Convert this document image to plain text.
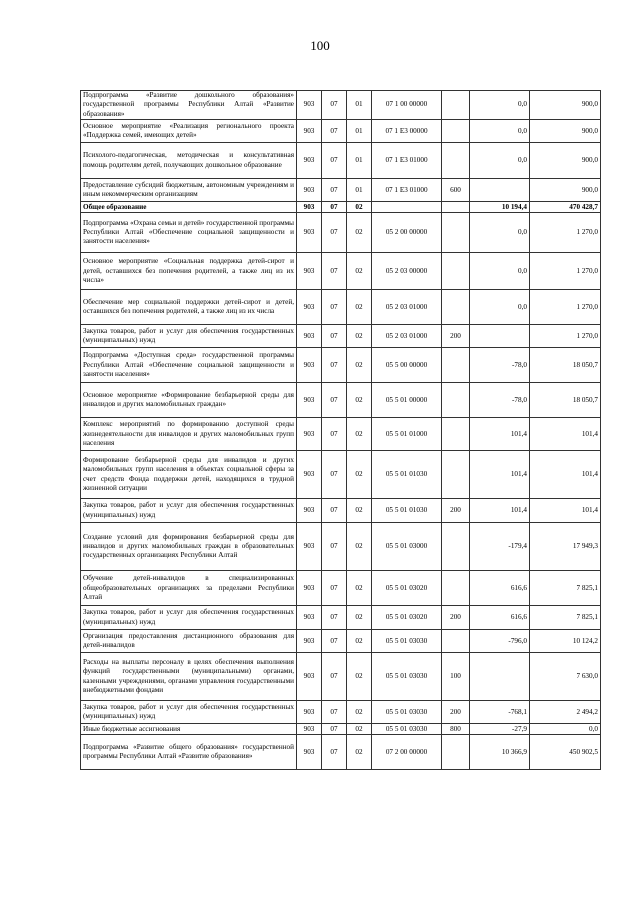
100
Подпрограмма «Развитие дошкольного образования» государственной программы Республики Алтай «Развитие образования»	903	07	01	07 1 00 00000		0,0	900,0
Основное мероприятие «Реализация регионального проекта «Поддержка семей, имеющих детей»	903	07	01	07 1 Е3 00000		0,0	900,0
Психолого-педагогическая, методическая и консультативная помощь родителям детей, получающих дошкольное образование	903	07	01	07 1 Е3 01000		0,0	900,0
Предоставление субсидий бюджетным, автономным учреждениям и иным некоммерческим организациям	903	07	01	07 1 Е3 01000	600		900,0
Общее образование	903	07	02			10 194,4	470 428,7
Подпрограмма «Охрана семьи и детей» государственной программы Республики Алтай «Обеспечение социальной защищенности и занятости населения»	903	07	02	05 2 00 00000		0,0	1 270,0
Основное мероприятие «Социальная поддержка детей-сирот и детей, оставшихся без попечения родителей, а также лиц из их числа»	903	07	02	05 2 03 00000		0,0	1 270,0
Обеспечение мер социальной поддержки детей-сирот и детей, оставшихся без попечения родителей, а также лиц из их числа	903	07	02	05 2 03 01000		0,0	1 270,0
Закупка товаров, работ и услуг для обеспечения государственных (муниципальных) нужд	903	07	02	05 2 03 01000	200		1 270,0
Подпрограмма «Доступная среда» государственной программы Республики Алтай «Обеспечение социальной защищенности и занятости населения»	903	07	02	05 5 00 00000		-78,0	18 050,7
Основное мероприятие «Формирование безбарьерной среды для инвалидов и других маломобильных граждан»	903	07	02	05 5 01 00000		-78,0	18 050,7
Комплекс мероприятий по формированию доступной среды жизнедеятельности для инвалидов и других маломобильных групп населения	903	07	02	05 5 01 01000		101,4	101,4
Формирование безбарьерной среды для инвалидов и других маломобильных групп населения в объектах социальной сферы за счет средств Фонда поддержки детей, находящихся в трудной жизненной ситуации	903	07	02	05 5 01 01030		101,4	101,4
Закупка товаров, работ и услуг для обеспечения государственных (муниципальных) нужд	903	07	02	05 5 01 01030	200	101,4	101,4
Создание условий для формирования безбарьерной среды для инвалидов и других маломобильных граждан в образовательных государственных организациях Республики Алтай	903	07	02	05 5 01 03000		-179,4	17 949,3
Обучение детей-инвалидов в специализированных общеобразовательных организациях за пределами Республики Алтай	903	07	02	05 5 01 03020		616,6	7 825,1
Закупка товаров, работ и услуг для обеспечения государственных (муниципальных) нужд	903	07	02	05 5 01 03020	200	616,6	7 825,1
Организация предоставления дистанционного образования для детей-инвалидов	903	07	02	05 5 01 03030		-796,0	10 124,2
Расходы на выплаты персоналу в целях обеспечения выполнения функций государственными (муниципальными) органами, казенными учреждениями, органами управления государственными внебюджетными фондами	903	07	02	05 5 01 03030	100		7 630,0
Закупка товаров, работ и услуг для обеспечения государственных (муниципальных) нужд	903	07	02	05 5 01 03030	200	-768,1	2 494,2
Иные бюджетные ассигнования	903	07	02	05 5 01 03030	800	-27,9	0,0
Подпрограмма «Развитие общего образования» государственной программы Республики Алтай «Развитие образования»	903	07	02	07 2 00 00000		10 366,9	450 902,5
